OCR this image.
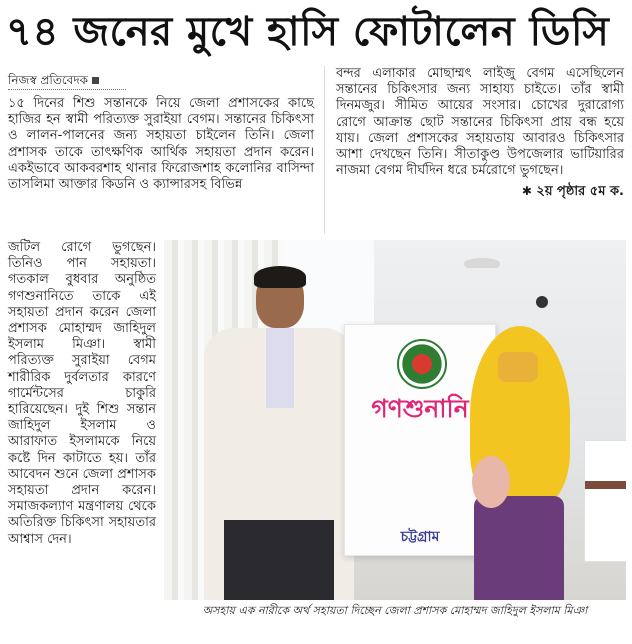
৭৪ জনের মুখে হাসি ফোটালেন ডিসি
নিজস্ব প্রতিবেদক

১৫ দিনের শিশু সন্তানকে নিয়ে জেলা প্রশাসকের কাছে হাজির হন স্বামী পরিত্যক্ত সুরাইয়া বেগম। সন্তানের চিকিৎসা ও লালন-পালনের জন্য সহায়তা চাইলেন তিনি। জেলা প্রশাসক তাকে তাৎক্ষণিক আর্থিক সহায়তা প্রদান করেন। একইভাবে আকবরশাহ থানার ফিরোজশাহ কলোনির বাসিন্দা তাসলিমা আক্তার কিডনি ও ক্যান্সারসহ বিভিন্ন

বন্দর এলাকার মোছাম্মৎ লাইজু বেগম এসেছিলেন সন্তানের চিকিৎসার জন্য সাহায্য চাইতে। তাঁর স্বামী দিনমজুর। সীমিত আয়ের সংসার। চোখের দুরারোগ্য রোগে আক্রান্ত ছোট সন্তানের চিকিৎসা প্রায় বন্ধ হয়ে যায়। জেলা প্রশাসকের সহায়তায় আবারও চিকিৎসার আশা দেখছেন তিনি। সীতাকুণ্ড উপজেলার ভাটিয়ারির নাজমা বেগম দীর্ঘদিন ধরে চর্মরোগে ভুগছেন।

✱ ২য় পৃষ্ঠার ৫ম ক.

জটিল রোগে ভুগছেন। তিনিও পান সহায়তা। গতকাল বুধবার অনুষ্ঠিত গণশুনানিতে তাকে এই সহায়তা প্রদান করেন জেলা প্রশাসক মোহাম্মদ জাহিদুল ইসলাম মিঞা। স্বামী পরিত্যক্ত সুরাইয়া বেগম শারীরিক দুর্বলতার কারণে গার্মেন্টসের চাকুরি হারিয়েছেন। দুই শিশু সন্তান জাহিদুল ইসলাম ও আরাফাত ইসলামকে নিয়ে কষ্টে দিন কাটাতে হয়। তাঁর আবেদন শুনে জেলা প্রশাসক সহায়তা প্রদান করেন। সমাজকল্যাণ মন্ত্রণালয় থেকে অতিরিক্ত চিকিৎসা সহায়তার আশ্বাস দেন।

গণশুনানি
চট্টগ্রাম
অসহায় এক নারীকে অর্থ সহায়তা দিচ্ছেন জেলা প্রশাসক মোহাম্মদ জাহিদুল ইসলাম মিঞা
